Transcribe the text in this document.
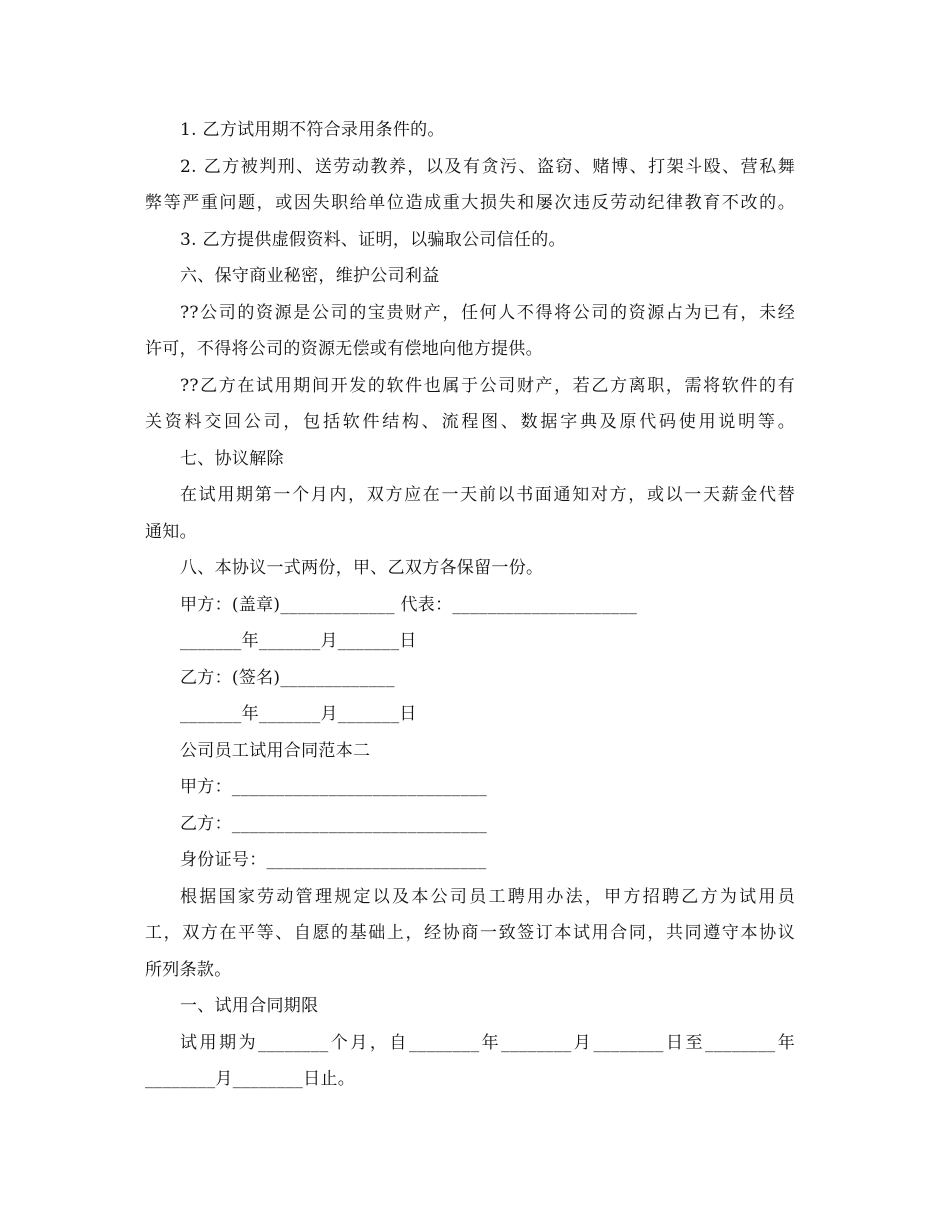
1. 乙方试用期不符合录用条件的。
2. 乙方被判刑、送劳动教养，以及有贪污、盗窃、赌博、打架斗殴、营私舞
弊等严重问题，或因失职给单位造成重大损失和屡次违反劳动纪律教育不改的。
3. 乙方提供虚假资料、证明，以骗取公司信任的。
六、保守商业秘密，维护公司利益
??公司的资源是公司的宝贵财产，任何人不得将公司的资源占为已有，未经
许可，不得将公司的资源无偿或有偿地向他方提供。
??乙方在试用期间开发的软件也属于公司财产，若乙方离职，需将软件的有
关资料交回公司，包括软件结构、流程图、数据字典及原代码使用说明等。
七、协议解除
在试用期第一个月内，双方应在一天前以书面通知对方，或以一天薪金代替
通知。
八、本协议一式两份，甲、乙双方各保留一份。
甲方：(盖章)_____________ 代表：_____________________
_______年_______月_______日
乙方：(签名)_____________
_______年_______月_______日
公司员工试用合同范本二
甲方：_____________________________
乙方：_____________________________
身份证号：_________________________
根据国家劳动管理规定以及本公司员工聘用办法，甲方招聘乙方为试用员
工，双方在平等、自愿的基础上，经协商一致签订本试用合同，共同遵守本协议
所列条款。
一、试用合同期限
试用期为________个月，自________年________月________日至________年
________月________日止。
